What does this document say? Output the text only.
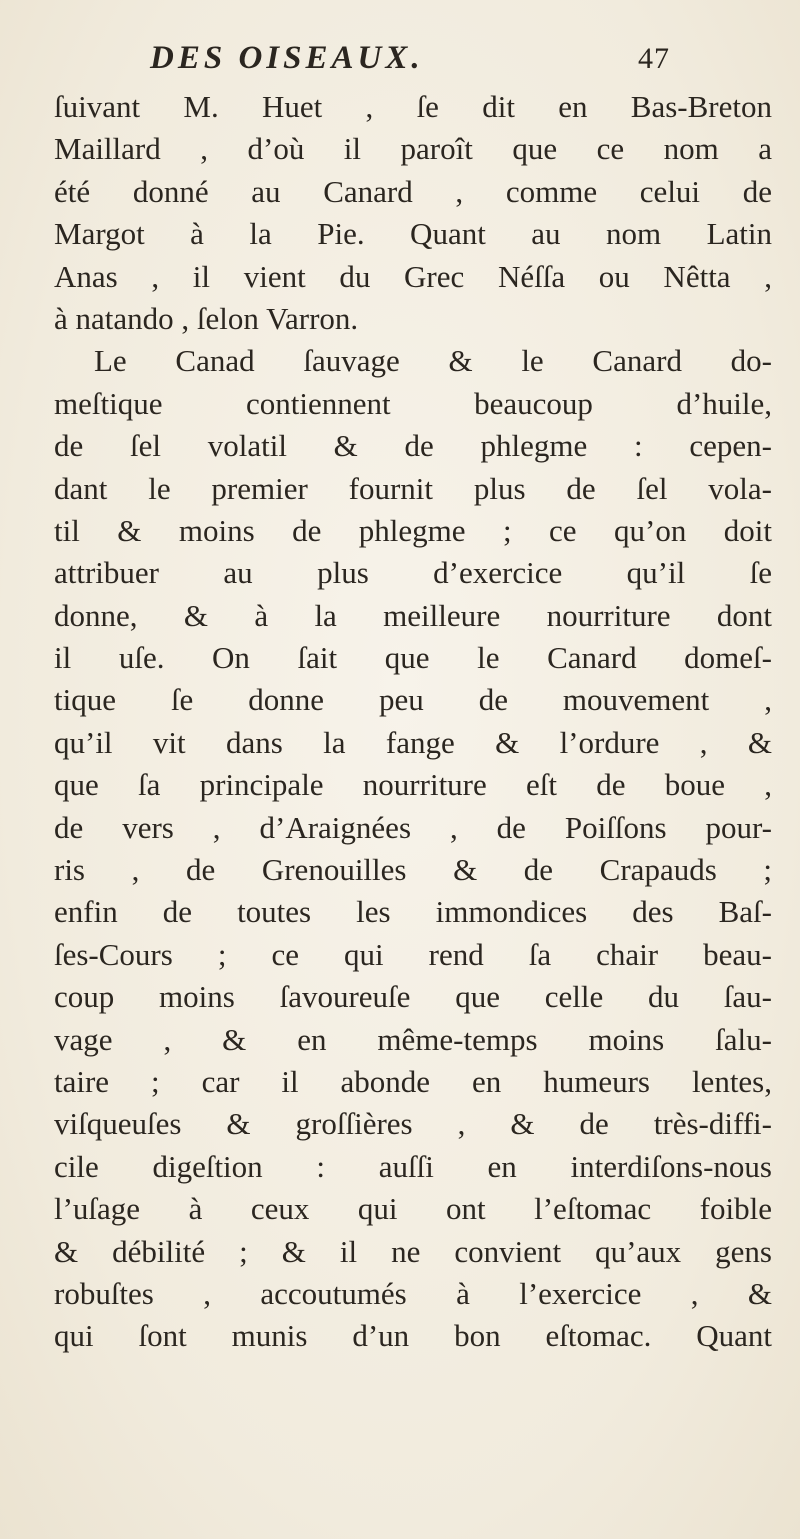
DES OISEAUX.	47
ſuivant M. Huet , ſe dit en Bas-Breton
Maillard , d’où il paroît que ce nom a
été donné au Canard , comme celui de
Margot à la Pie. Quant au nom Latin
Anas , il vient du Grec Néſſa ou Nêtta ,
à natando , ſelon Varron.
Le Canad ſauvage & le Canard do-
meſtique contiennent beaucoup d’huile,
de ſel volatil & de phlegme : cepen-
dant le premier fournit plus de ſel vola-
til & moins de phlegme ; ce qu’on doit
attribuer au plus d’exercice qu’il ſe
donne, & à la meilleure nourriture dont
il uſe. On ſait que le Canard domeſ-
tique ſe donne peu de mouvement ,
qu’il vit dans la fange & l’ordure , &
que ſa principale nourriture eſt de boue ,
de vers , d’Araignées , de Poiſſons pour-
ris , de Grenouilles & de Crapauds ;
enfin de toutes les immondices des Baſ-
ſes-Cours ; ce qui rend ſa chair beau-
coup moins ſavoureuſe que celle du ſau-
vage , & en même-temps moins ſalu-
taire ; car il abonde en humeurs lentes,
viſqueuſes & groſſières , & de très-diffi-
cile digeſtion : auſſi en interdiſons-nous
l’uſage à ceux qui ont l’eſtomac foible
& débilité ; & il ne convient qu’aux gens
robuſtes , accoutumés à l’exercice , &
qui ſont munis d’un bon eſtomac. Quant
